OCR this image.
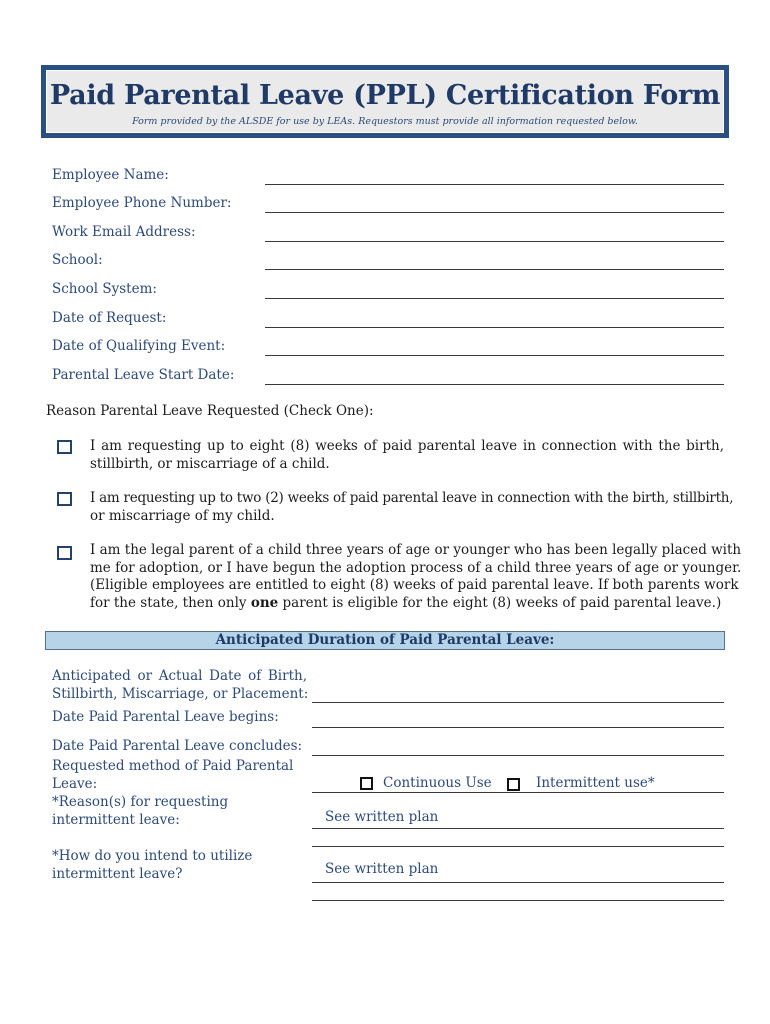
Paid Parental Leave (PPL) Certification Form
Form provided by the ALSDE for use by LEAs. Requestors must provide all information requested below.
Employee Name:
Employee Phone Number:
Work Email Address:
School:
School System:
Date of Request:
Date of Qualifying Event:
Parental Leave Start Date:
Reason Parental Leave Requested (Check One):
I am requesting up to eight (8) weeks of paid parental leave in connection with the birth,
stillbirth, or miscarriage of a child.
I am requesting up to two (2) weeks of paid parental leave in connection with the birth, stillbirth,
or miscarriage of my child.
I am the legal parent of a child three years of age or younger who has been legally placed with
me for adoption, or I have begun the adoption process of a child three years of age or younger.
(Eligible employees are entitled to eight (8) weeks of paid parental leave. If both parents work
for the state, then only one parent is eligible for the eight (8) weeks of paid parental leave.)
Anticipated Duration of Paid Parental Leave:
Anticipated or Actual Date of Birth,
Stillbirth, Miscarriage, or Placement:
Date Paid Parental Leave begins:
Date Paid Parental Leave concludes:
Requested method of Paid Parental
Leave:	Continuous Use	Intermittent use*
*Reason(s) for requesting
intermittent leave:	See written plan
*How do you intend to utilize
intermittent leave?	See written plan
